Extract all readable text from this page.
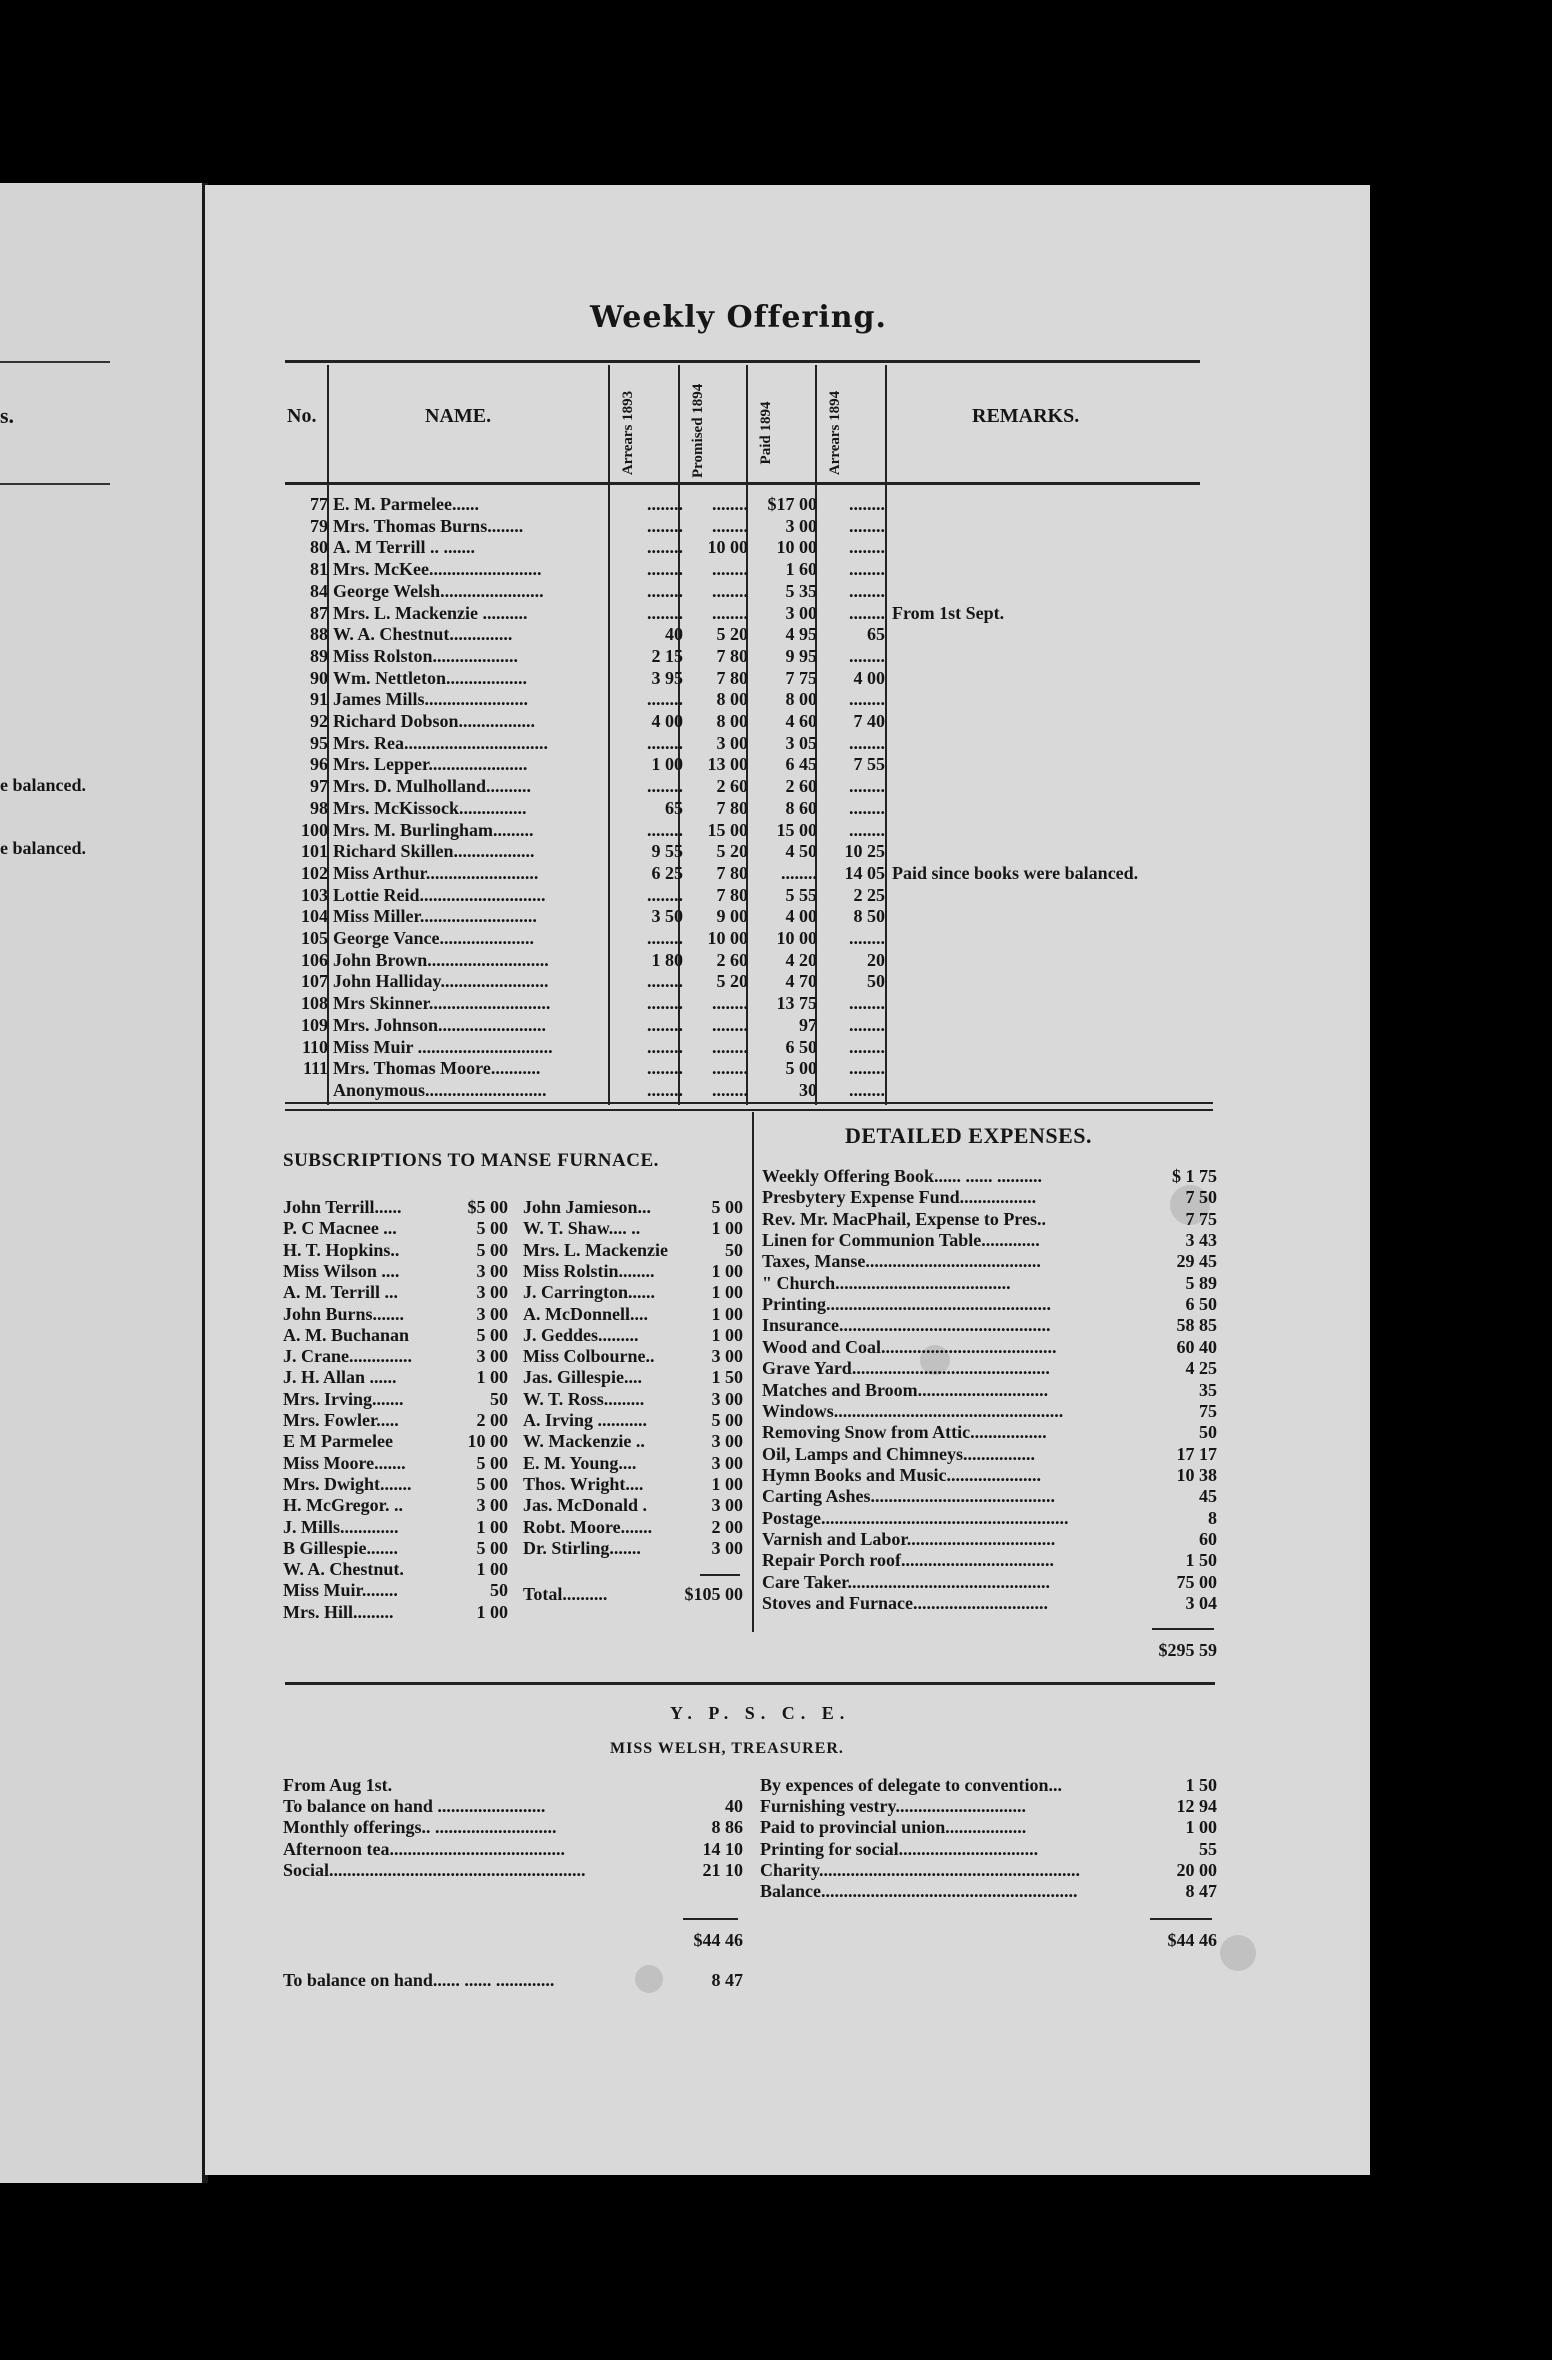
s.
e balanced.
e balanced.
Weekly Offering.
No.	NAME.	Arrears 1893	Promised 1894	Paid 1894	Arrears 1894	REMARKS.
77 E. M. Parmelee......	........	........	$17 00	........
79 Mrs. Thomas Burns........	........	........	3 00	........
80 A. M Terrill .. .......	........	10 00	10 00	........
81 Mrs. McKee.........................	........	........	1 60	........
84 George Welsh.......................	........	........	5 35	........
87 Mrs. L. Mackenzie ..........	........	........	3 00	........ From 1st Sept.
88 W. A. Chestnut..............	40	5 20	4 95	65
89 Miss Rolston...................	2 15	7 80	9 95	........
90 Wm. Nettleton..................	3 95	7 80	7 75	4 00
91 James Mills.......................	........	8 00	8 00	........
92 Richard Dobson.................	4 00	8 00	4 60	7 40
95 Mrs. Rea................................	........	3 00	3 05	........
96 Mrs. Lepper......................	1 00	13 00	6 45	7 55
97 Mrs. D. Mulholland..........	........	2 60	2 60	........
98 Mrs. McKissock...............	65	7 80	8 60	........
100 Mrs. M. Burlingham.........	........	15 00	15 00	........
101 Richard Skillen..................	9 55	5 20	4 50	10 25
102 Miss Arthur.........................	6 25	7 80	........	14 05 Paid since books were balanced.
103 Lottie Reid............................	........	7 80	5 55	2 25
104 Miss Miller..........................	3 50	9 00	4 00	8 50
105 George Vance.....................	........	10 00	10 00	........
106 John Brown...........................	1 80	2 60	4 20	20
107 John Halliday........................	........	5 20	4 70	50
108 Mrs Skinner...........................	........	........	13 75	........
109 Mrs. Johnson........................	........	........	97	........
110 Miss Muir ..............................	........	........	6 50	........
111 Mrs. Thomas Moore...........	........	........	5 00	........
Anonymous...........................	........	........	30	........
SUBSCRIPTIONS TO MANSE FURNACE.
John Terrill......	$5 00
P. C Macnee ...	5 00
H. T. Hopkins..	5 00
Miss Wilson ....	3 00
A. M. Terrill ...	3 00
John Burns.......	3 00
A. M. Buchanan	5 00
J. Crane..............	3 00
J. H. Allan ......	1 00
Mrs. Irving.......	50
Mrs. Fowler.....	2 00
E M Parmelee	10 00
Miss Moore.......	5 00
Mrs. Dwight.......	5 00
H. McGregor. ..	3 00
J. Mills.............	1 00
B Gillespie.......	5 00
W. A. Chestnut.	1 00
Miss Muir........	50
Mrs. Hill.........	1 00
John Jamieson...	5 00
W. T. Shaw.... ..	1 00
Mrs. L. Mackenzie	50
Miss Rolstin........	1 00
J. Carrington......	1 00
A. McDonnell....	1 00
J. Geddes.........	1 00
Miss Colbourne..	3 00
Jas. Gillespie....	1 50
W. T. Ross.........	3 00
A. Irving ...........	5 00
W. Mackenzie ..	3 00
E. M. Young....	3 00
Thos. Wright....	1 00
Jas. McDonald .	3 00
Robt. Moore.......	2 00
Dr. Stirling.......	3 00
Total..........	$105 00
DETAILED EXPENSES.
Weekly Offering Book...... ...... ..........	$ 1 75
Presbytery Expense Fund.................	7 50
Rev. Mr. MacPhail, Expense to Pres..	7 75
Linen for Communion Table.............	3 43
Taxes, Manse.......................................	29 45
" Church.......................................	5 89
Printing..................................................	6 50
Insurance...............................................	58 85
Wood and Coal.......................................	60 40
Grave Yard............................................	4 25
Matches and Broom.............................	35
Windows...................................................	75
Removing Snow from Attic.................	50
Oil, Lamps and Chimneys................	17 17
Hymn Books and Music.....................	10 38
Carting Ashes.........................................	45
Postage.......................................................	8
Varnish and Labor.................................	60
Repair Porch roof..................................	1 50
Care Taker.............................................	75 00
Stoves and Furnace..............................	3 04
$295 59
Y. P. S. C. E.
MISS WELSH, TREASURER.
From Aug 1st.
To balance on hand ........................	40
Monthly offerings.. ...........................	8 86
Afternoon tea.......................................	14 10
Social.........................................................	21 10
$44 46
By expences of delegate to convention...	1 50
Furnishing vestry.............................	12 94
Paid to provincial union..................	1 00
Printing for social...............................	55
Charity..........................................................	20 00
Balance.........................................................	8 47
$44 46
To balance on hand...... ...... .............	8 47
